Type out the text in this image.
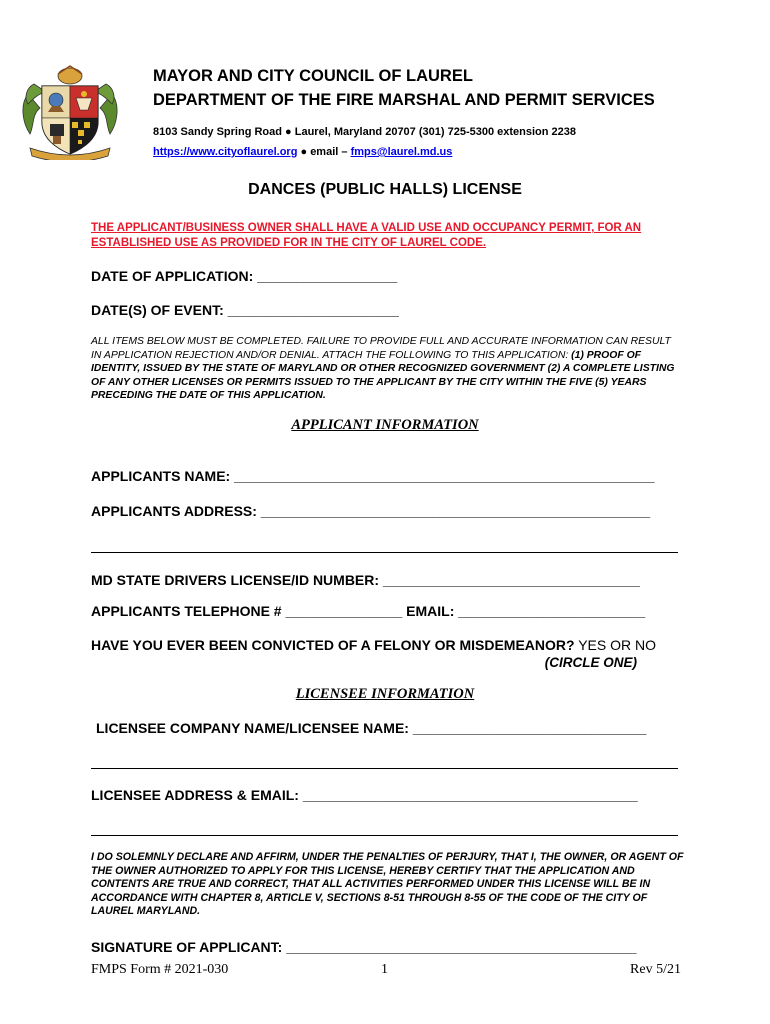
MAYOR AND CITY COUNCIL OF LAUREL
DEPARTMENT OF THE FIRE MARSHAL AND PERMIT SERVICES
8103 Sandy Spring Road ● Laurel, Maryland 20707 (301) 725-5300 extension 2238
https://www.cityoflaurel.org ● email – fmps@laurel.md.us
DANCES (PUBLIC HALLS) LICENSE
THE APPLICANT/BUSINESS OWNER SHALL HAVE A VALID USE AND OCCUPANCY PERMIT, FOR AN ESTABLISHED USE AS PROVIDED FOR IN THE CITY OF LAUREL CODE.
DATE OF APPLICATION: __________________
DATE(S) OF EVENT: ______________________
ALL ITEMS BELOW MUST BE COMPLETED. FAILURE TO PROVIDE FULL AND ACCURATE INFORMATION CAN RESULT IN APPLICATION REJECTION AND/OR DENIAL. ATTACH THE FOLLOWING TO THIS APPLICATION: (1) PROOF OF IDENTITY, ISSUED BY THE STATE OF MARYLAND OR OTHER RECOGNIZED GOVERNMENT (2) A COMPLETE LISTING OF ANY OTHER LICENSES OR PERMITS ISSUED TO THE APPLICANT BY THE CITY WITHIN THE FIVE (5) YEARS PRECEDING THE DATE OF THIS APPLICATION.
APPLICANT INFORMATION
APPLICANTS NAME: ______________________________________________________
APPLICANTS ADDRESS: __________________________________________________
MD STATE DRIVERS LICENSE/ID NUMBER: _________________________________
APPLICANTS TELEPHONE # _______________ EMAIL: ________________________
HAVE YOU EVER BEEN CONVICTED OF A FELONY OR MISDEMEANOR? YES OR NO
(CIRCLE ONE)
LICENSEE INFORMATION
LICENSEE COMPANY NAME/LICENSEE NAME: ______________________________
LICENSEE ADDRESS & EMAIL: ___________________________________________
I DO SOLEMNLY DECLARE AND AFFIRM, UNDER THE PENALTIES OF PERJURY, THAT I, THE OWNER, OR AGENT OF THE OWNER AUTHORIZED TO APPLY FOR THIS LICENSE, HEREBY CERTIFY THAT THE APPLICATION AND CONTENTS ARE TRUE AND CORRECT, THAT ALL ACTIVITIES PERFORMED UNDER THIS LICENSE WILL BE IN ACCORDANCE WITH CHAPTER 8, ARTICLE V, SECTIONS 8-51 THROUGH 8-55 OF THE CODE OF THE CITY OF LAUREL MARYLAND.
SIGNATURE OF APPLICANT: _____________________________________________
FMPS Form # 2021-030	1	Rev 5/21
